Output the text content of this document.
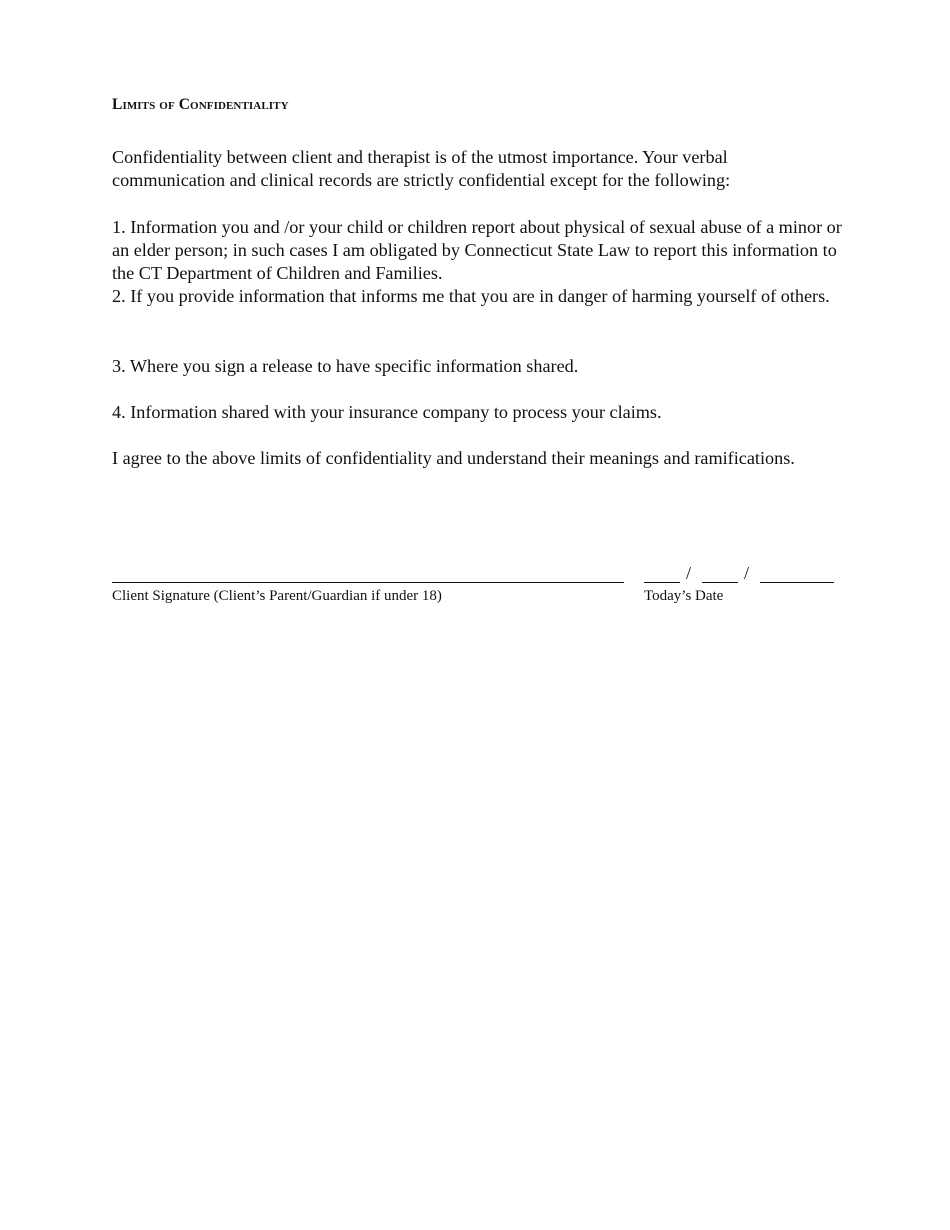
Limits of Confidentiality

Confidentiality between client and therapist is of the utmost importance. Your verbal communication and clinical records are strictly confidential except for the following:

1. Information you and /or your child or children report about physical of sexual abuse of a minor or an elder person; in such cases I am obligated by Connecticut State Law to report this information to the CT Department of Children and Families.

2. If you provide information that informs me that you are in danger of harming yourself of others.

3. Where you sign a release to have specific information shared.

4. Information shared with your insurance company to process your claims.

I agree to the above limits of confidentiality and understand their meanings and ramifications.

/	/
Client Signature (Client’s Parent/Guardian if under 18)	Today’s Date
